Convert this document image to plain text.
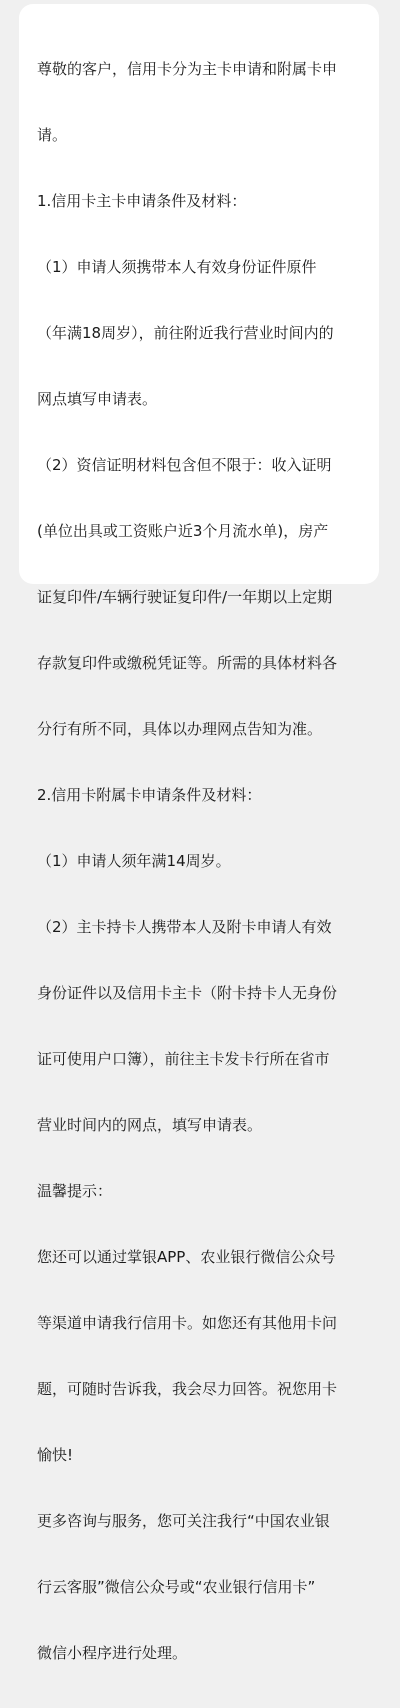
尊敬的客户，信用卡分为主卡申请和附属卡申

请。

1.信用卡主卡申请条件及材料：

（1）申请人须携带本人有效身份证件原件

（年满18周岁），前往附近我行营业时间内的

网点填写申请表。

（2）资信证明材料包含但不限于：收入证明

(单位出具或工资账户近3个月流水单)，房产

证复印件/车辆行驶证复印件/一年期以上定期

存款复印件或缴税凭证等。所需的具体材料各

分行有所不同，具体以办理网点告知为准。

2.信用卡附属卡申请条件及材料：

（1）申请人须年满14周岁。

（2）主卡持卡人携带本人及附卡申请人有效

身份证件以及信用卡主卡（附卡持卡人无身份

证可使用户口簿），前往主卡发卡行所在省市

营业时间内的网点，填写申请表。

温馨提示：

您还可以通过掌银APP、农业银行微信公众号

等渠道申请我行信用卡。如您还有其他用卡问

题，可随时告诉我，我会尽力回答。祝您用卡

愉快!

更多咨询与服务，您可关注我行“中国农业银

行云客服”微信公众号或“农业银行信用卡”

微信小程序进行处理。
